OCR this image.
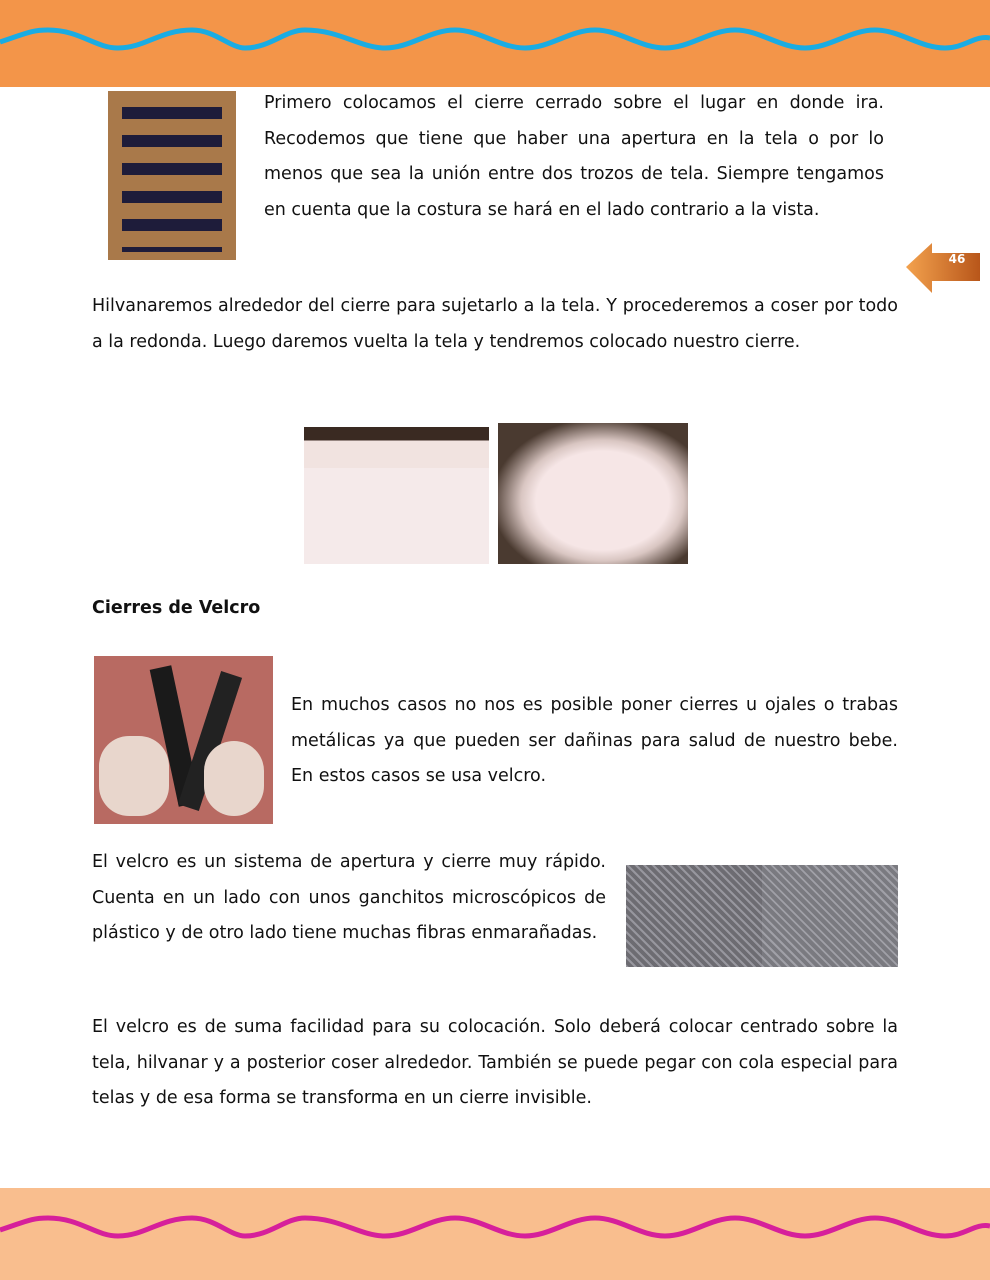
Primero colocamos el cierre cerrado sobre el lugar en donde ira. Recodemos que tiene que haber una apertura en la tela o por lo menos que sea la unión entre dos trozos de tela. Siempre tengamos en cuenta que la costura se hará en el lado contrario a la vista.
46
Hilvanaremos alrededor del cierre para sujetarlo a la tela. Y procederemos a coser por todo a la redonda. Luego daremos vuelta la tela y tendremos colocado nuestro cierre.
Cierres de Velcro
En muchos casos no nos es posible poner cierres u ojales o trabas metálicas ya que pueden ser dañinas para salud de nuestro bebe. En estos casos se usa velcro.
El velcro es un sistema de apertura y cierre muy rápido. Cuenta en un lado con unos ganchitos microscópicos de plástico y de otro lado tiene muchas fibras enmarañadas.
El velcro es de suma facilidad para su colocación. Solo deberá colocar centrado sobre la tela, hilvanar y a posterior coser alrededor. También se puede pegar con cola especial para telas y de esa forma se transforma en un cierre invisible.
